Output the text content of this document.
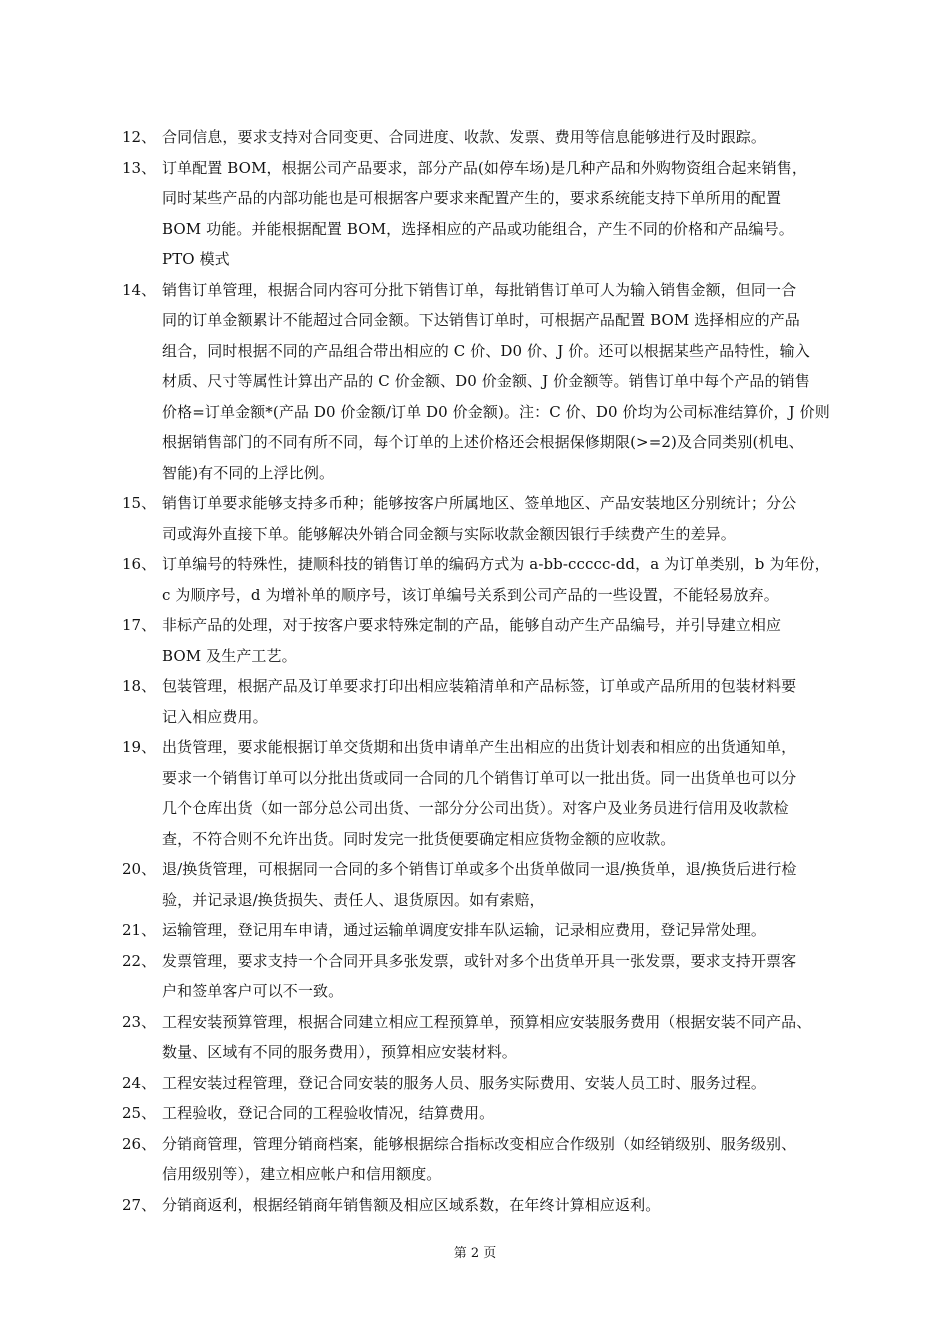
12、 合同信息，要求支持对合同变更、合同进度、收款、发票、费用等信息能够进行及时跟踪。
13、 订单配置 BOM，根据公司产品要求，部分产品(如停车场)是几种产品和外购物资组合起来销售，
同时某些产品的内部功能也是可根据客户要求来配置产生的，要求系统能支持下单所用的配置
BOM 功能。并能根据配置 BOM，选择相应的产品或功能组合，产生不同的价格和产品编号。
PTO 模式
14、 销售订单管理，根据合同内容可分批下销售订单，每批销售订单可人为输入销售金额，但同一合
同的订单金额累计不能超过合同金额。下达销售订单时，可根据产品配置 BOM 选择相应的产品
组合，同时根据不同的产品组合带出相应的 C 价、D0 价、J 价。还可以根据某些产品特性，输入
材质、尺寸等属性计算出产品的 C 价金额、D0 价金额、J 价金额等。销售订单中每个产品的销售
价格=订单金额*(产品 D0 价金额/订单 D0 价金额)。注：C 价、D0 价均为公司标准结算价，J 价则
根据销售部门的不同有所不同，每个订单的上述价格还会根据保修期限(>=2)及合同类别(机电、
智能)有不同的上浮比例。
15、 销售订单要求能够支持多币种；能够按客户所属地区、签单地区、产品安装地区分别统计；分公
司或海外直接下单。能够解决外销合同金额与实际收款金额因银行手续费产生的差异。
16、 订单编号的特殊性，捷顺科技的销售订单的编码方式为 a-bb-ccccc-dd，a 为订单类别，b 为年份，
c 为顺序号，d 为增补单的顺序号，该订单编号关系到公司产品的一些设置，不能轻易放弃。
17、 非标产品的处理，对于按客户要求特殊定制的产品，能够自动产生产品编号，并引导建立相应
BOM 及生产工艺。
18、 包装管理，根据产品及订单要求打印出相应装箱清单和产品标签，订单或产品所用的包装材料要
记入相应费用。
19、 出货管理，要求能根据订单交货期和出货申请单产生出相应的出货计划表和相应的出货通知单，
要求一个销售订单可以分批出货或同一合同的几个销售订单可以一批出货。同一出货单也可以分
几个仓库出货（如一部分总公司出货、一部分分公司出货）。对客户及业务员进行信用及收款检
查，不符合则不允许出货。同时发完一批货便要确定相应货物金额的应收款。
20、 退/换货管理，可根据同一合同的多个销售订单或多个出货单做同一退/换货单，退/换货后进行检
验，并记录退/换货损失、责任人、退货原因。如有索赔，
21、 运输管理，登记用车申请，通过运输单调度安排车队运输，记录相应费用，登记异常处理。
22、 发票管理，要求支持一个合同开具多张发票，或针对多个出货单开具一张发票，要求支持开票客
户和签单客户可以不一致。
23、 工程安装预算管理，根据合同建立相应工程预算单，预算相应安装服务费用（根据安装不同产品、
数量、区域有不同的服务费用），预算相应安装材料。
24、 工程安装过程管理，登记合同安装的服务人员、服务实际费用、安装人员工时、服务过程。
25、 工程验收，登记合同的工程验收情况，结算费用。
26、 分销商管理，管理分销商档案，能够根据综合指标改变相应合作级别（如经销级别、服务级别、
信用级别等），建立相应帐户和信用额度。
27、 分销商返利，根据经销商年销售额及相应区域系数，在年终计算相应返利。
第 2 页
